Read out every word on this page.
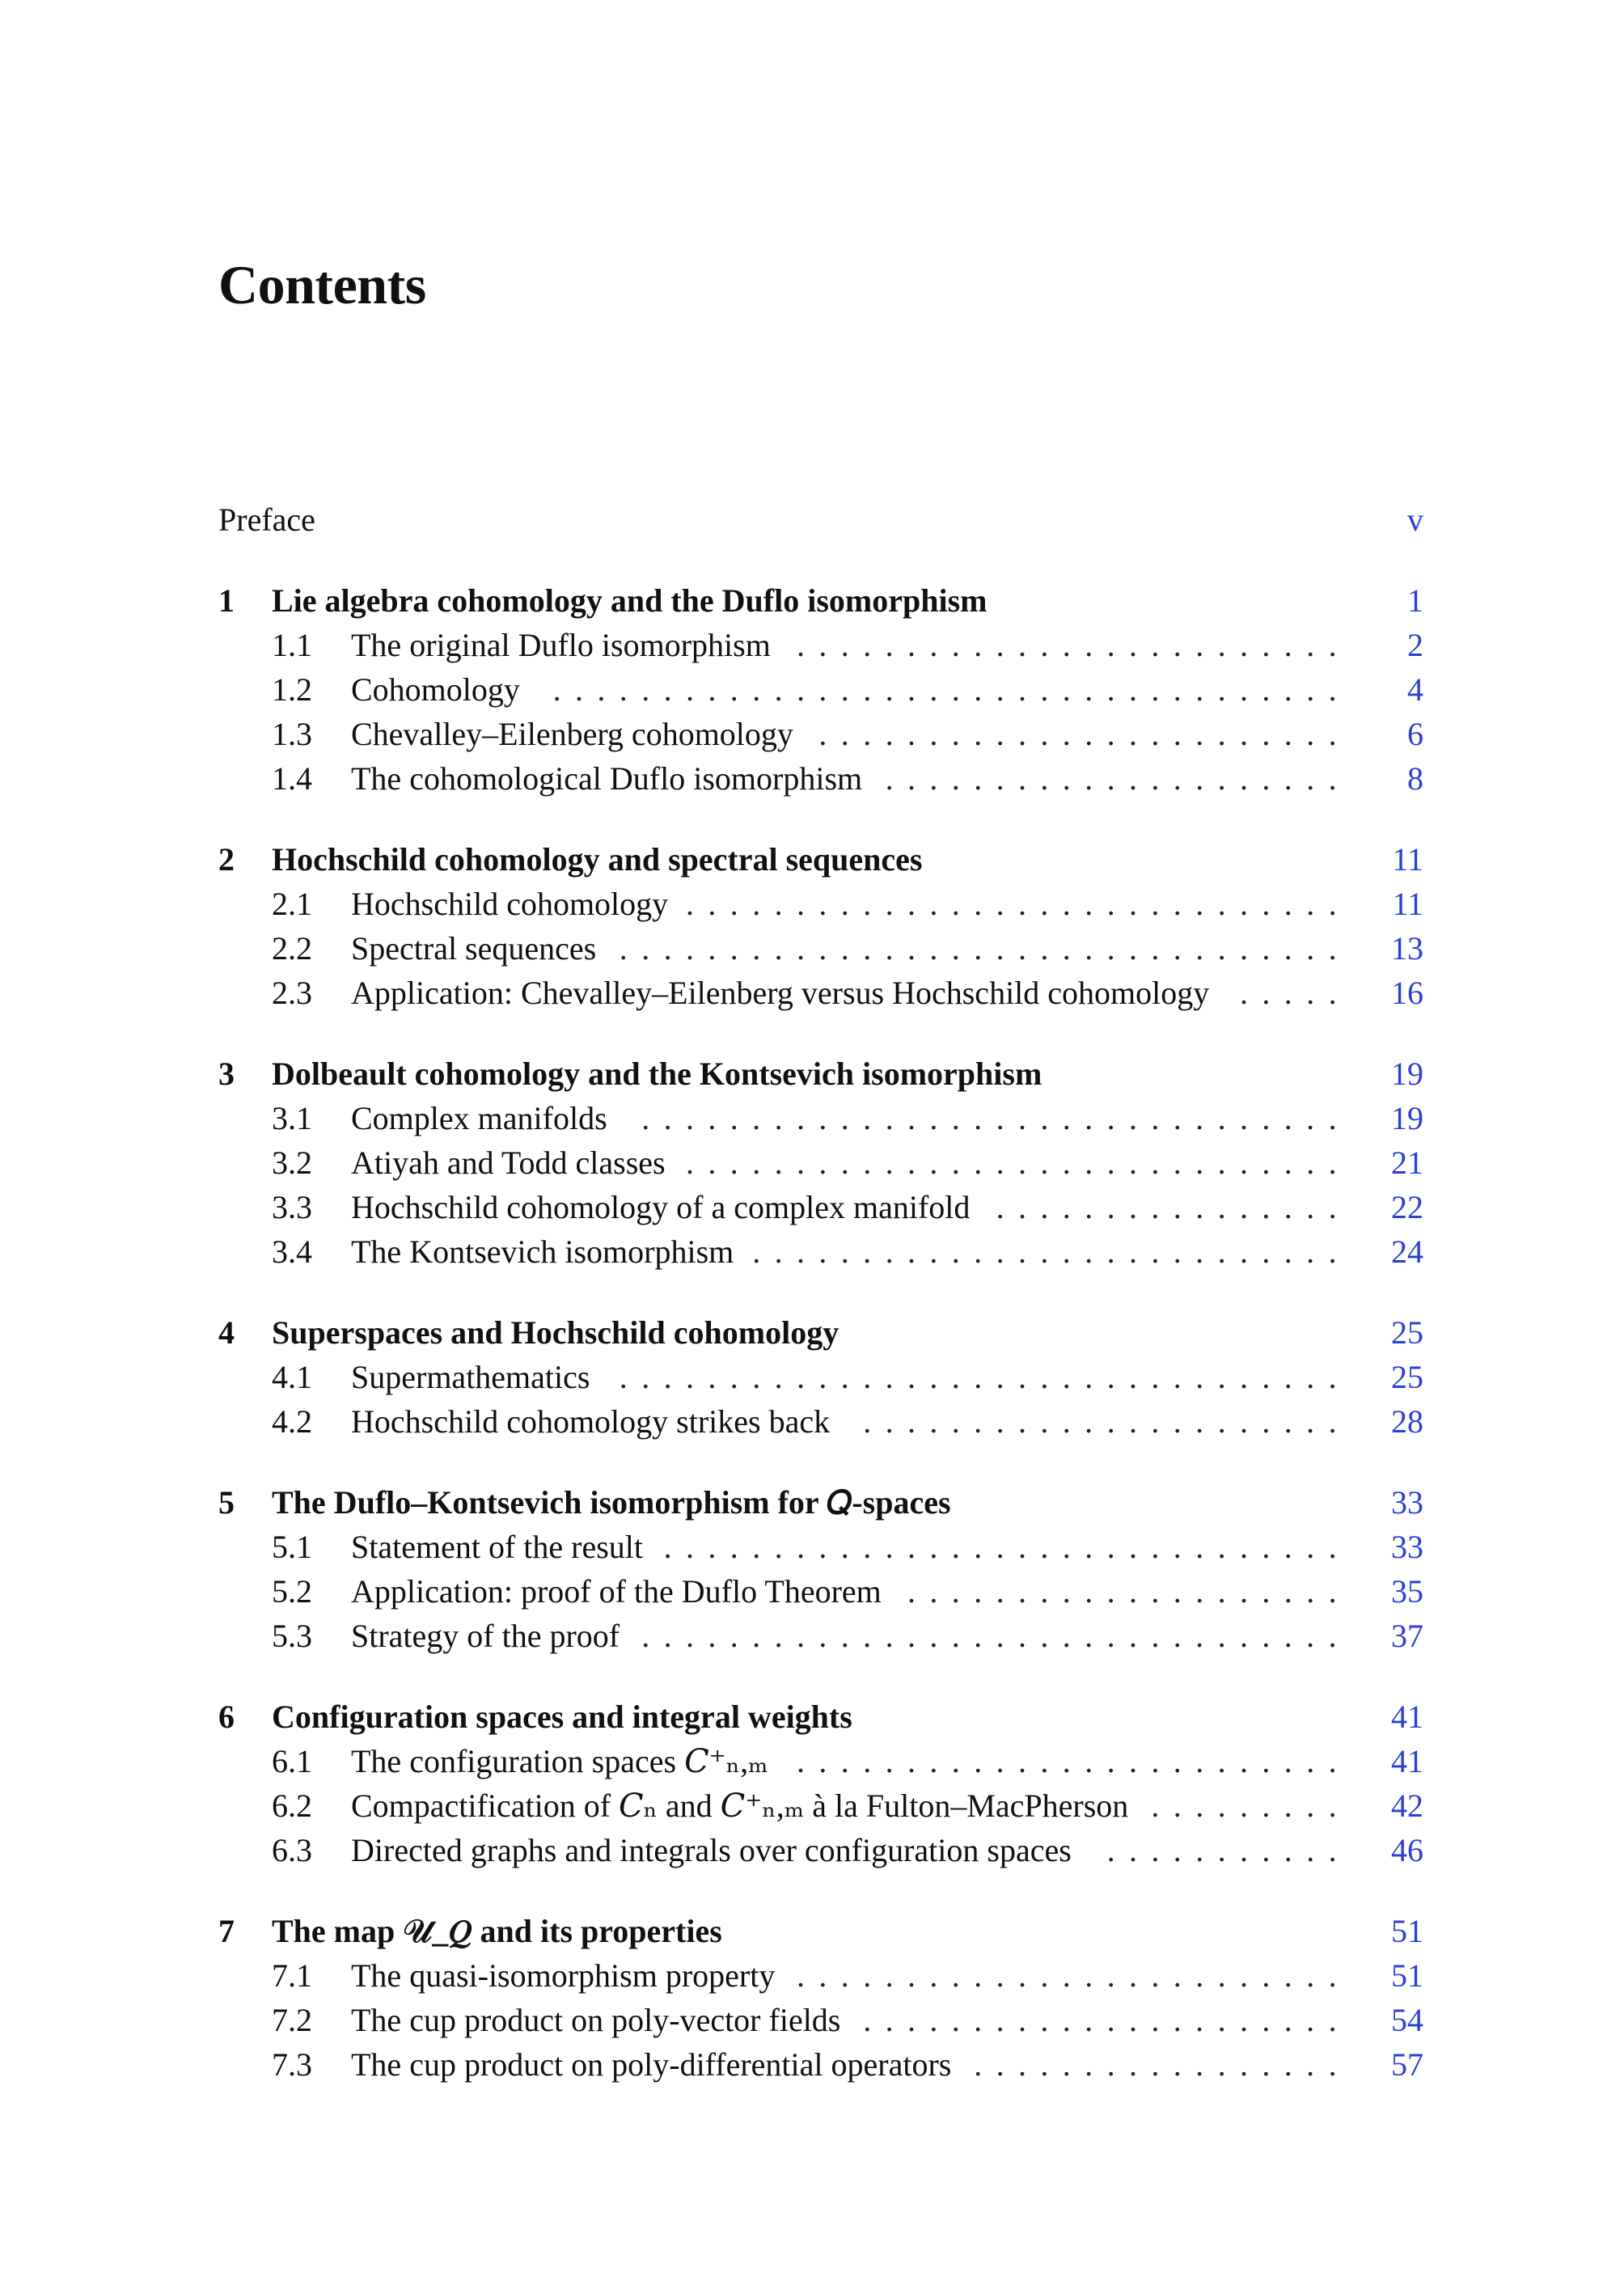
Contents
Preface	v
1 Lie algebra cohomology and the Duflo isomorphism	1
1.1 The original Duflo isomorphism ......................... 2
1.2 Cohomology	.................................... 4
1.3 Chevalley–Eilenberg cohomology ........................ 6
1.4 The cohomological Duflo isomorphism ..................... 8
2 Hochschild cohomology and spectral sequences	11
2.1 Hochschild cohomology .............................. 11
2.2 Spectral sequences ................................. 13
2.3 Application: Chevalley–Eilenberg versus Hochschild cohomology ..... 16
3 Dolbeault cohomology and the Kontsevich isomorphism	19
3.1 Complex manifolds	................................ 19
3.2 Atiyah and Todd classes .............................. 21
3.3 Hochschild cohomology of a complex manifold ................ 22
3.4 The Kontsevich isomorphism ........................... 24
4 Superspaces and Hochschild cohomology	25
4.1 Supermathematics ................................. 25
4.2 Hochschild cohomology strikes back	...................... 28
5 The Duflo–Kontsevich isomorphism for 𝑄-spaces	33
5.1 Statement of the result ............................... 33
5.2 Application: proof of the Duflo Theorem .................... 35
5.3 Strategy of the proof ................................ 37
6 Configuration spaces and integral weights	41
6.1 The configuration spaces 𝐶⁺ₙ,ₘ ......................... 41
6.2 Compactification of 𝐶ₙ and 𝐶⁺ₙ,ₘ à la Fulton–MacPherson ......... 42
6.3 Directed graphs and integrals over configuration spaces	........... 46
7 The map 𝒰_𝑄 and its properties	51
7.1 The quasi-isomorphism property ......................... 51
7.2 The cup product on poly-vector fields ...................... 54
7.3 The cup product on poly-differential operators ................. 57
